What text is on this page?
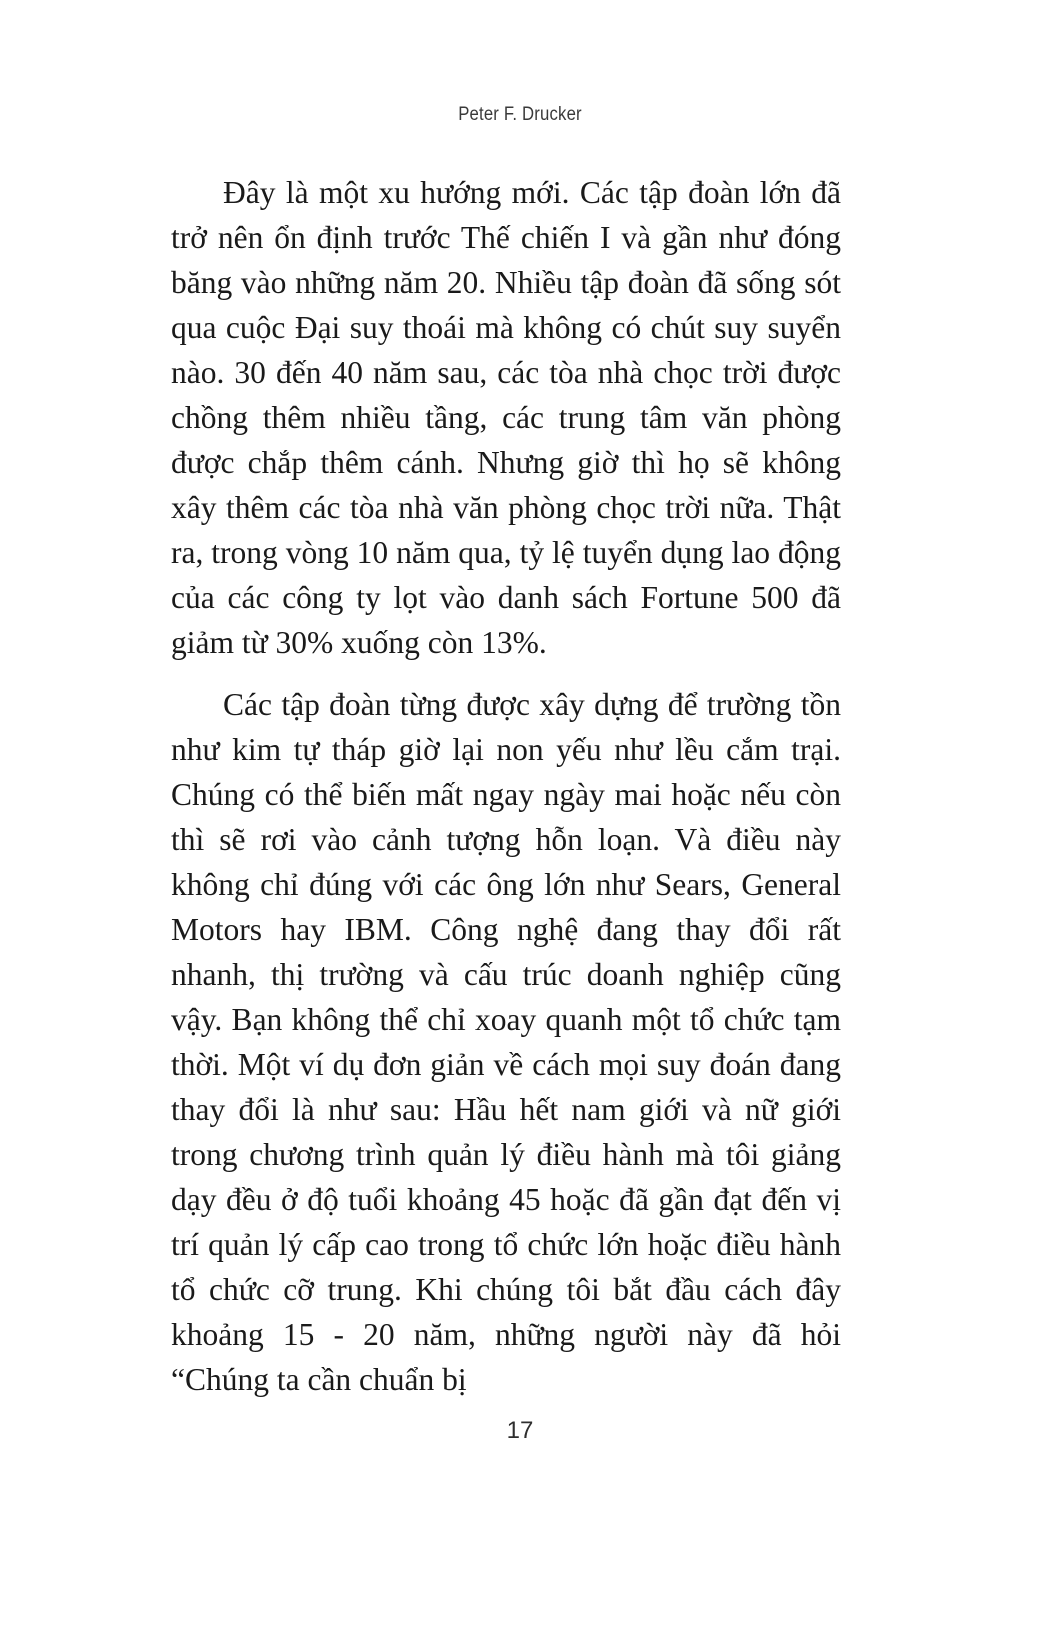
Peter F. Drucker

Đây là một xu hướng mới. Các tập đoàn lớn đã trở nên ổn định trước Thế chiến I và gần như đóng băng vào những năm 20. Nhiều tập đoàn đã sống sót qua cuộc Đại suy thoái mà không có chút suy suyển nào. 30 đến 40 năm sau, các tòa nhà chọc trời được chồng thêm nhiều tầng, các trung tâm văn phòng được chắp thêm cánh. Nhưng giờ thì họ sẽ không xây thêm các tòa nhà văn phòng chọc trời nữa. Thật ra, trong vòng 10 năm qua, tỷ lệ tuyển dụng lao động của các công ty lọt vào danh sách Fortune 500 đã giảm từ 30% xuống còn 13%.

Các tập đoàn từng được xây dựng để trường tồn như kim tự tháp giờ lại non yếu như lều cắm trại. Chúng có thể biến mất ngay ngày mai hoặc nếu còn thì sẽ rơi vào cảnh tượng hỗn loạn. Và điều này không chỉ đúng với các ông lớn như Sears, General Motors hay IBM. Công nghệ đang thay đổi rất nhanh, thị trường và cấu trúc doanh nghiệp cũng vậy. Bạn không thể chỉ xoay quanh một tổ chức tạm thời. Một ví dụ đơn giản về cách mọi suy đoán đang thay đổi là như sau: Hầu hết nam giới và nữ giới trong chương trình quản lý điều hành mà tôi giảng dạy đều ở độ tuổi khoảng 45 hoặc đã gần đạt đến vị trí quản lý cấp cao trong tổ chức lớn hoặc điều hành tổ chức cỡ trung. Khi chúng tôi bắt đầu cách đây khoảng 15 - 20 năm, những người này đã hỏi “Chúng ta cần chuẩn bị

17
